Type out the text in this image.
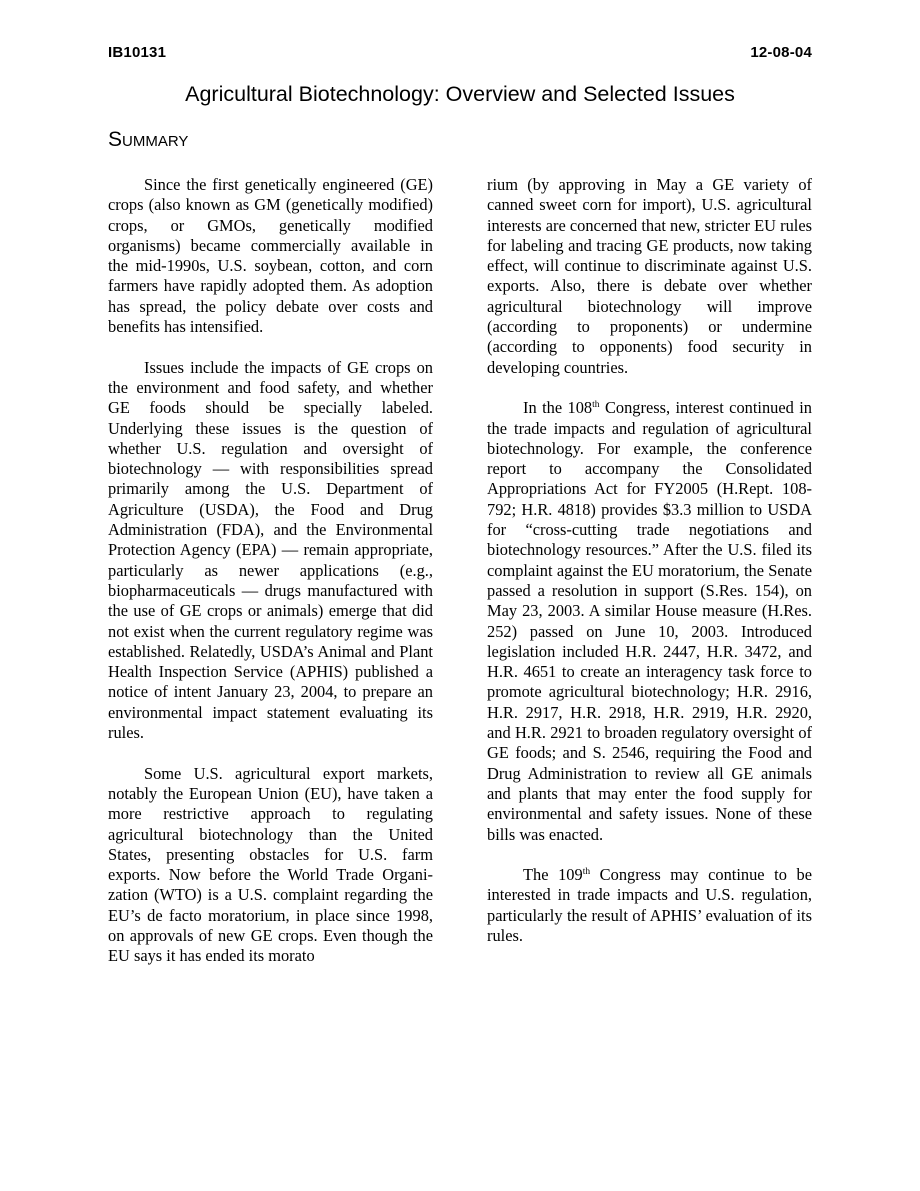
IB10131	12-08-04
Agricultural Biotechnology: Overview and Selected Issues
Summary

Since the first genetically engineered (GE) crops (also known as GM (genetically modified) crops, or GMOs, genetically modified organisms) became commercially available in the mid-1990s, U.S. soybean, cotton, and corn farmers have rapidly adopted them. As adoption has spread, the policy debate over costs and benefits has intensified.

Issues include the impacts of GE crops on the environment and food safety, and whether GE foods should be specially labeled. Underlying these issues is the question of whether U.S. regulation and oversight of biotechnology — with responsibilities spread primarily among the U.S. Department of Agriculture (USDA), the Food and Drug Administration (FDA), and the Environmental Protection Agency (EPA) — remain appropriate, particularly as newer applications (e.g., biopharmaceuticals — drugs manufactured with the use of GE crops or animals) emerge that did not exist when the current regulatory regime was established. Relatedly, USDA’s Animal and Plant Health Inspection Service (APHIS) published a notice of intent January 23, 2004, to prepare an environmental impact statement evaluating its rules.

Some U.S. agricultural export markets, notably the European Union (EU), have taken a more restrictive approach to regulating agricultural biotechnology than the United States, presenting obstacles for U.S. farm exports. Now before the World Trade Organization (WTO) is a U.S. complaint regarding the EU’s de facto moratorium, in place since 1998, on approvals of new GE crops. Even though the EU says it has ended its morato

rium (by approving in May a GE variety of canned sweet corn for import), U.S. agricultural interests are concerned that new, stricter EU rules for labeling and tracing GE products, now taking effect, will continue to discriminate against U.S. exports. Also, there is debate over whether agricultural biotechnology will improve (according to proponents) or undermine (according to opponents) food security in developing countries.

In the 108th Congress, interest continued in the trade impacts and regulation of agricultural biotechnology. For example, the conference report to accompany the Consolidated Appropriations Act for FY2005 (H.Rept. 108-792; H.R. 4818) provides $3.3 million to USDA for “cross-cutting trade negotiations and biotechnology resources.” After the U.S. filed its complaint against the EU moratorium, the Senate passed a resolution in support (S.Res. 154), on May 23, 2003. A similar House measure (H.Res. 252) passed on June 10, 2003. Introduced legislation included H.R. 2447, H.R. 3472, and H.R. 4651 to create an interagency task force to promote agricultural biotechnology; H.R. 2916, H.R. 2917, H.R. 2918, H.R. 2919, H.R. 2920, and H.R. 2921 to broaden regulatory oversight of GE foods; and S. 2546, requiring the Food and Drug Administration to review all GE animals and plants that may enter the food supply for environmental and safety issues. None of these bills was enacted.

The 109th Congress may continue to be interested in trade impacts and U.S. regulation, particularly the result of APHIS’ evaluation of its rules.
